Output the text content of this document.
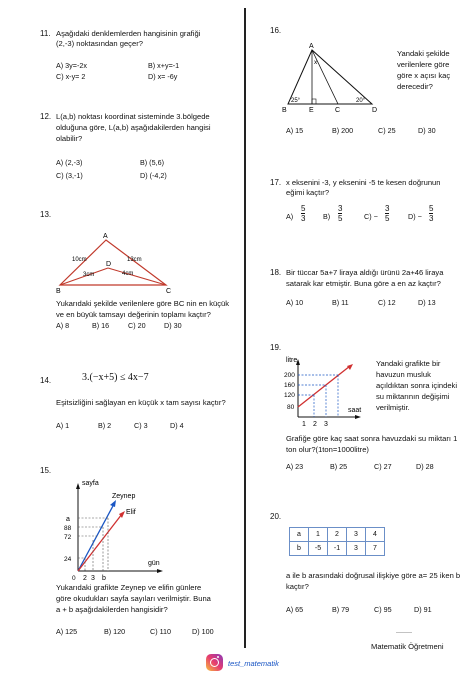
11. Aşağıdaki denklemlerden hangisinin grafiği
(2,-3) noktasından geçer?
A) 3y=-2x	B) x+y=-1
C) x-y= 2	D) x= -6y
12. L(a,b) noktası koordinat sisteminde 3.bölgede
olduğuna göre, L(a,b) aşağıdakilerden hangisi
olabilir?
A) (2,-3)	B) (5,6)
C) (3,-1)	D) (-4,2)
13.
A
B	C
D
10cm	13cm
3cm	4cm
Yukarıdaki şekilde verilenlere göre BC nin en küçük
ve en büyük tamsayı değerinin toplamı kaçtır?
A) 8	B) 16	C) 20	D) 30
14.	3.(−x+5) ≤ 4x−7
Eşitsizliğini sağlayan en küçük x tam sayısı kaçtır?
A) 1	B) 2	C) 3	D) 4
15.
sayfa
gün
Zeynep
Elif
a
88
72
24
0 2 3 b
Yukarıdaki grafikte Zeynep ve elifin günlere
göre okudukları sayfa sayıları verilmiştir. Buna
a + b aşağıdakilerden hangisidir?
A) 125	B) 120	C) 110	D) 100
16.
A
B	E	C	D
x
25°	20°
Yandaki şekilde
verilenlere göre
göre x açısı kaç
derecedir?
A) 15	B) 200	C) 25	D) 30
17. x eksenini -3, y eksenini -5 te kesen doğrunun
eğimi kaçtır?
$A) \frac{5}{3} B) \frac{3}{5}$	$C) - \frac{3}{5}$	$D) - \frac{5}{3}$
18. Bir tüccar 5a+7 liraya aldığı ürünü 2a+46 liraya
satarak kar etmiştir. Buna göre a en az kaçtır?
A) 10	B) 11	C) 12	D) 13
19.
litre
saat
200
160
120
80
1 2 3
Yandaki grafikte bir
havuzun musluk
açıldıktan sonra içindeki
su miktarının değişimi
verilmiştir.
Grafiğe göre kaç saat sonra havuzdaki su miktarı 1
ton olur?(1ton=1000litre)
A) 23	B) 25	C) 27	D) 28
20.
a	1	2	3	4
b	-5	-1	3	7
a ile b arasındaki doğrusal ilişkiye göre a= 25 iken b
kaçtır?
A) 65	B) 79	C) 95	D) 91
........
Matematik Öğretmeni
test_matematik
